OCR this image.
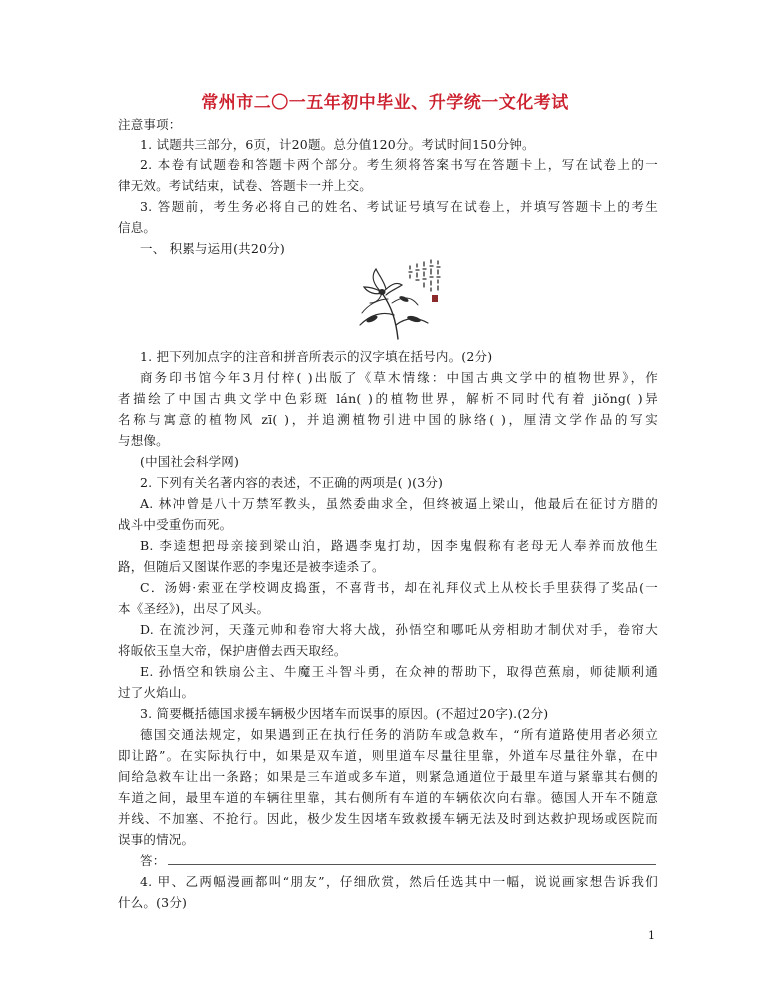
常州市二〇一五年初中毕业、升学统一文化考试
注意事项：
1. 试题共三部分，6页，计20题。总分值120分。考试时间150分钟。
2. 本卷有试题卷和答题卡两个部分。考生须将答案书写在答题卡上，写在试卷上的一
律无效。考试结束，试卷、答题卡一并上交。
3. 答题前，考生务必将自己的姓名、考试证号填写在试卷上，并填写答题卡上的考生
信息。
一、 积累与运用(共20分)
1. 把下列加点字的注音和拼音所表示的汉字填在括号内。(2分)
商务印书馆今年3月付梓( )出版了《草木情缘：中国古典文学中的植物世界》，作
者描绘了中国古典文学中色彩斑 lán( )的植物世界，解析不同时代有着 jiǒng( )异
名称与寓意的植物风 zī( )，并追溯植物引进中国的脉络( )，厘清文学作品的写实
与想像。
(中国社会科学网)
2. 下列有关名著内容的表述，不正确的两项是( )(3分)
A. 林冲曾是八十万禁军教头，虽然委曲求全，但终被逼上梁山，他最后在征讨方腊的
战斗中受重伤而死。
B. 李逵想把母亲接到梁山泊，路遇李鬼打劫，因李鬼假称有老母无人奉养而放他生
路，但随后又图谋作恶的李鬼还是被李逵杀了。
C．汤姆·索亚在学校调皮捣蛋，不喜背书，却在礼拜仪式上从校长手里获得了奖品(一
本《圣经》)，出尽了风头。
D. 在流沙河，天蓬元帅和卷帘大将大战，孙悟空和哪吒从旁相助才制伏对手，卷帘大
将皈依玉皇大帝，保护唐僧去西天取经。
E. 孙悟空和铁扇公主、牛魔王斗智斗勇，在众神的帮助下，取得芭蕉扇，师徒顺利通
过了火焰山。
3. 简要概括德国求援车辆极少因堵车而误事的原因。(不超过20字).(2分)
德国交通法规定，如果遇到正在执行任务的消防车或急救车，“所有道路使用者必须立
即让路”。在实际执行中，如果是双车道，则里道车尽量往里靠，外道车尽量往外靠，在中
间给急救车让出一条路；如果是三车道或多车道，则紧急通道位于最里车道与紧靠其右侧的
车道之间，最里车道的车辆往里靠，其右侧所有车道的车辆依次向右靠。德国人开车不随意
并线、不加塞、不抢行。因此，极少发生因堵车致救援车辆无法及时到达救护现场或医院而
误事的情况。
答：
4. 甲、乙两幅漫画都叫“朋友”，仔细欣赏，然后任选其中一幅，说说画家想告诉我们
什么。(3分)
1
